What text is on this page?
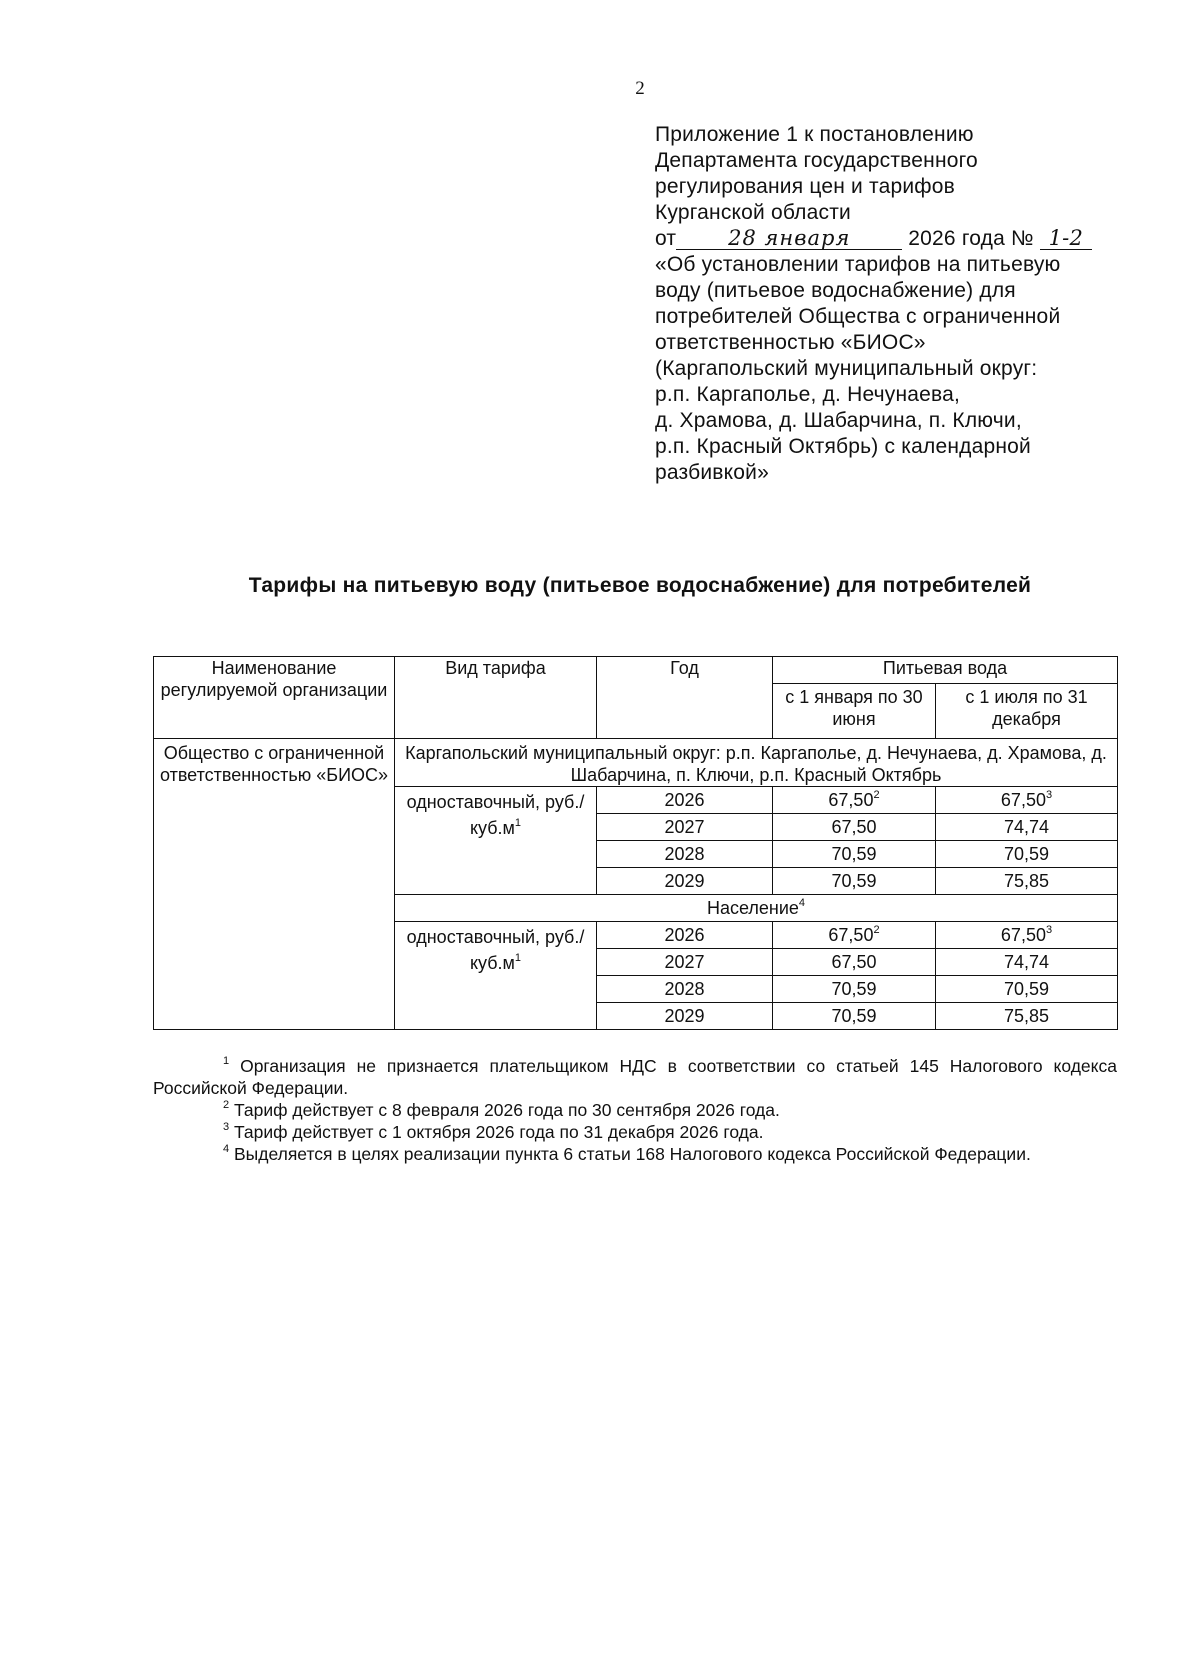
2
Приложение 1 к постановлению
Департамента государственного
регулирования цен и тарифов
Курганской области
от 28 января	2026 года № 1-2
«Об установлении тарифов на питьевую
воду (питьевое водоснабжение) для
потребителей Общества с ограниченной
ответственностью «БИОС»
(Каргапольский муниципальный округ:
р.п. Каргаполье, д. Нечунаева,
д. Храмова, д. Шабарчина, п. Ключи,
р.п. Красный Октябрь) с календарной
разбивкой»
Тарифы на питьевую воду (питьевое водоснабжение) для потребителей
Наименование регулируемой организации	Вид тарифа	Год	Питьевая вода	
			с 1 января по 30 июня	с 1 июля по 31 декабря
Общество с ограниченной ответственностью «БИОС»	Каргапольский муниципальный округ: р.п. Каргаполье, д. Нечунаева, д. Храмова, д. Шабарчина, п. Ключи, р.п. Красный Октябрь			
	одноставочный, $руб./куб.м^1$	2026	67,50$^2$	67,50$^3$
		2027	67,50	74,74
		2028	70,59	70,59
		2029	70,59	75,85
	Население$^4$
	одноставочный, $руб./куб.м^1$	2026	67,50$^2$	67,50$^3$
		2027	67,50	74,74
		2028	70,59	70,59
		2029	70,59	75,85
$^1$ Организация не признается плательщиком НДС в соответствии со статьей 145 Налогового кодекса Российской Федерации.
$^2$ Тариф действует с 8 февраля 2026 года по 30 сентября 2026 года.
$^3$ Тариф действует с 1 октября 2026 года по 31 декабря 2026 года.
$^4$ Выделяется в целях реализации пункта 6 статьи 168 Налогового кодекса Российской Федерации.
